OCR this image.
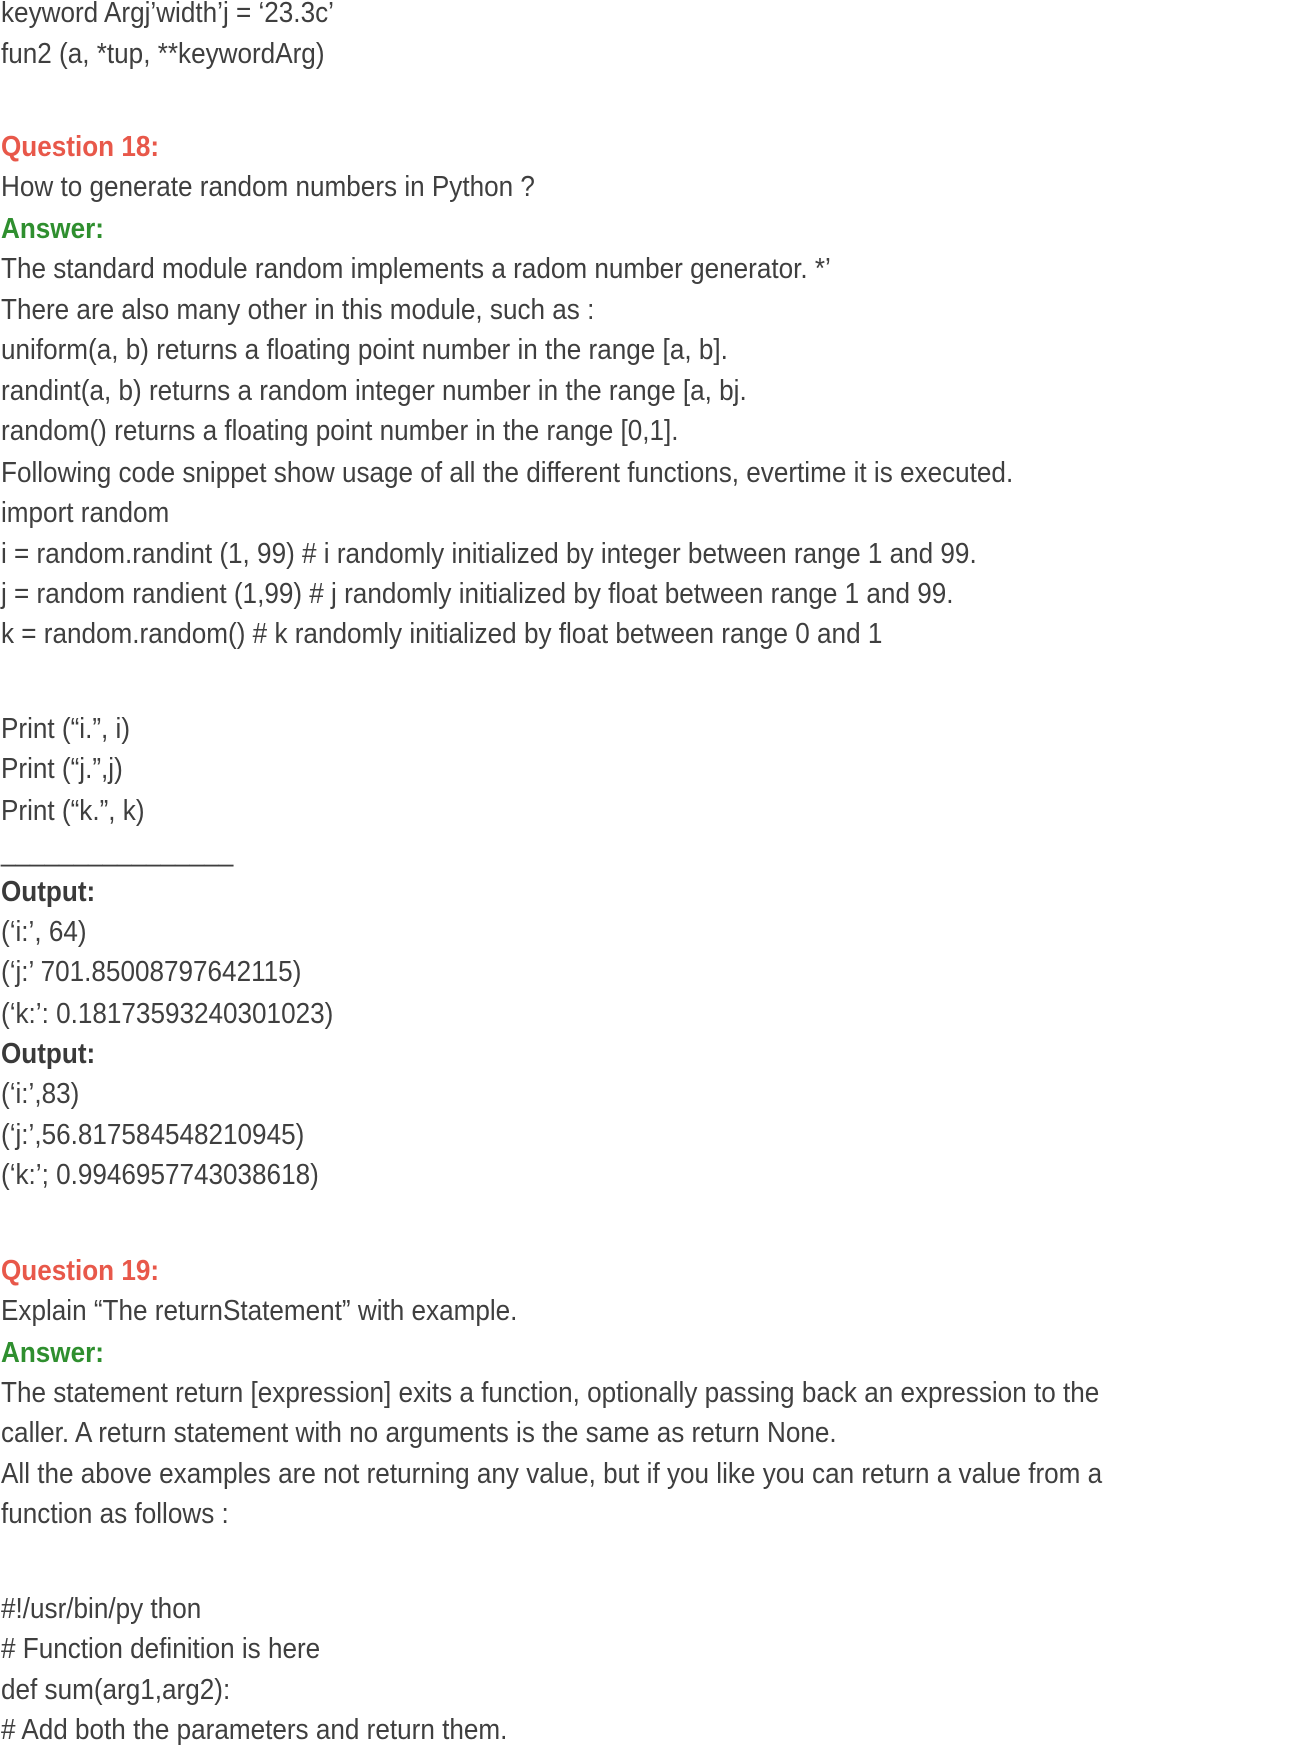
keyword Argj’width’j = ‘23.3c’
fun2 (a, *tup, **keywordArg)
Question 18:
How to generate random numbers in Python ?
Answer:
The standard module random implements a radom number generator. *’
There are also many other in this module, such as :
uniform(a, b) returns a floating point number in the range [a, b].
randint(a, b) returns a random integer number in the range [a, bj.
random() returns a floating point number in the range [0,1].
Following code snippet show usage of all the different functions, evertime it is executed.
import random
i = random.randint (1, 99) # i randomly initialized by integer between range 1 and 99.
j = random randient (1,99) # j randomly initialized by float between range 1 and 99.
k = random.random() # k randomly initialized by float between range 0 and 1
Print (“i.”, i)
Print (“j.”,j)
Print (“k.”, k)
________________
Output:
(‘i:’, 64)
(‘j:’ 701.85008797642115)
(‘k:’: 0.18173593240301023)
Output:
(‘i:’,83)
(‘j:’,56.817584548210945)
(‘k:’; 0.9946957743038618)
Question 19:
Explain “The returnStatement” with example.
Answer:
The statement return [expression] exits a function, optionally passing back an expression to the
caller. A return statement with no arguments is the same as return None.
All the above examples are not returning any value, but if you like you can return a value from a
function as follows :
#!/usr/bin/py thon
# Function definition is here
def sum(arg1,arg2):
# Add both the parameters and return them.
